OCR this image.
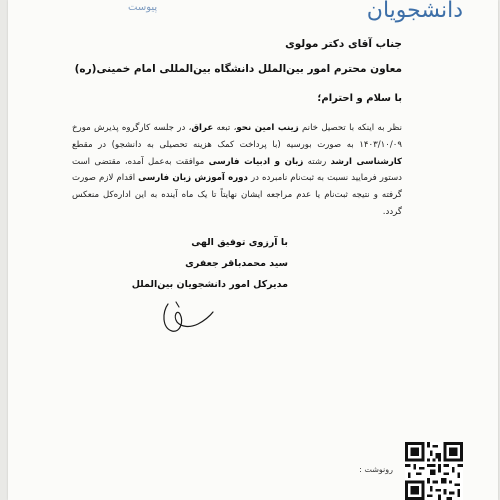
پیوست	دانشجویان
جناب آقای دکتر مولوی
معاون محترم امور بین‌الملل دانشگاه بین‌المللی امام خمینی(ره)
با سلام و احترام؛
نظر به اینکه با تحصیل خانم زینب امین نحو، تبعه عراق، در جلسه کارگروه پذیرش مورخ ۱۴۰۳/۱۰/۰۹ به صورت بورسیه (با پرداخت کمک هزینه تحصیلی به دانشجو) در مقطع کارشناسی ارشد رشته زبان و ادبیات فارسی موافقت به‌عمل آمده، مقتضی است دستور فرمایید نسبت به ثبت‌نام نامبرده در دوره آموزش زبان فارسی اقدام لازم صورت گرفته و نتیجه ثبت‌نام یا عدم مراجعه ایشان نهایتاً تا یک ماه آینده به این اداره‌کل منعکس گردد.
با آرزوی توفیق الهی
سید محمدباقر جعفری
مدیرکل امور دانشجویان بین‌الملل
رونوشت :
